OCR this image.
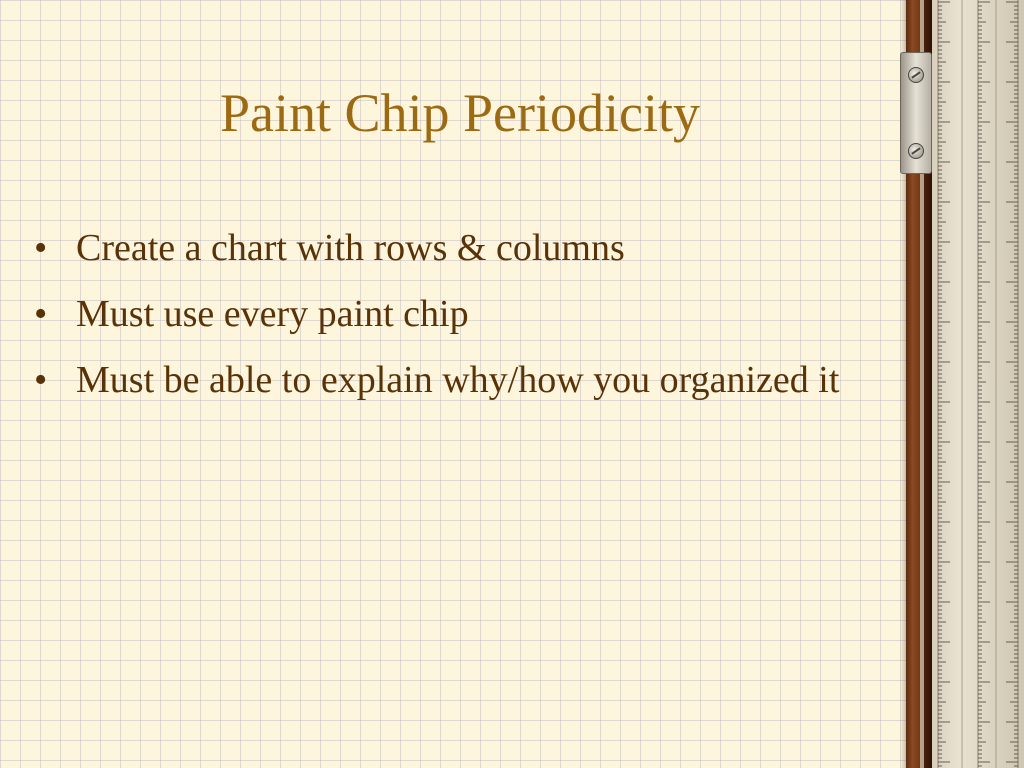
Paint Chip Periodicity
• Create a chart with rows & columns
• Must use every paint chip
• Must be able to explain why/how you organized it
